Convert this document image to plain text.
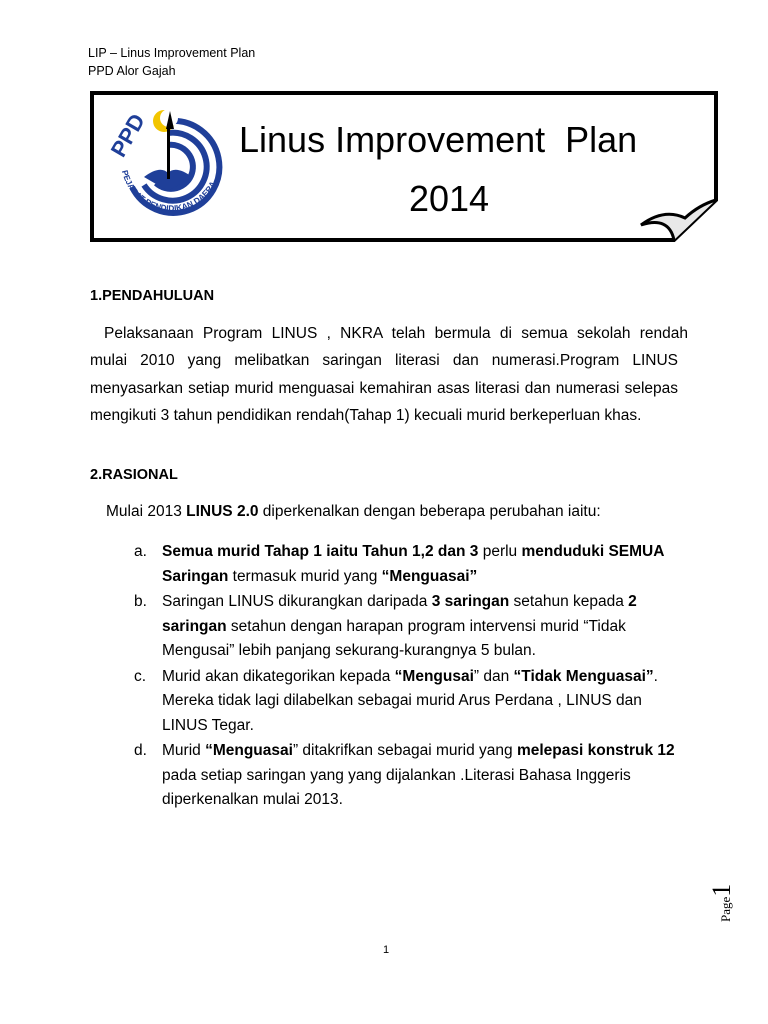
LIP – Linus Improvement Plan
PPD Alor Gajah
PPD
PEJABAT PENDIDIKAN DAERA
Linus Improvement  Plan
2014
1.PENDAHULUAN
Pelaksanaan Program LINUS , NKRA telah bermula di semua sekolah rendah
mulai 2010 yang melibatkan saringan literasi dan numerasi.Program LINUS menyasarkan setiap murid menguasai kemahiran asas literasi dan numerasi selepas mengikuti 3 tahun pendidikan rendah(Tahap 1) kecuali murid berkeperluan khas.
2.RASIONAL
Mulai 2013 LINUS 2.0 diperkenalkan dengan beberapa perubahan iaitu:
a. Semua murid Tahap 1 iaitu Tahun 1,2 dan 3 perlu menduduki SEMUA Saringan termasuk murid yang “Menguasai”
b. Saringan LINUS dikurangkan daripada 3 saringan setahun kepada 2 saringan setahun dengan harapan program intervensi murid “Tidak Mengusai” lebih panjang sekurang-kurangnya 5 bulan.
c. Murid akan dikategorikan kepada “Mengusai” dan “Tidak Menguasai”. Mereka tidak lagi dilabelkan sebagai murid Arus Perdana , LINUS dan LINUS Tegar.
d. Murid “Menguasai” ditakrifkan sebagai murid yang melepasi konstruk 12 pada setiap saringan yang yang dijalankan .Literasi Bahasa Inggeris diperkenalkan mulai 2013.
Page1
1
